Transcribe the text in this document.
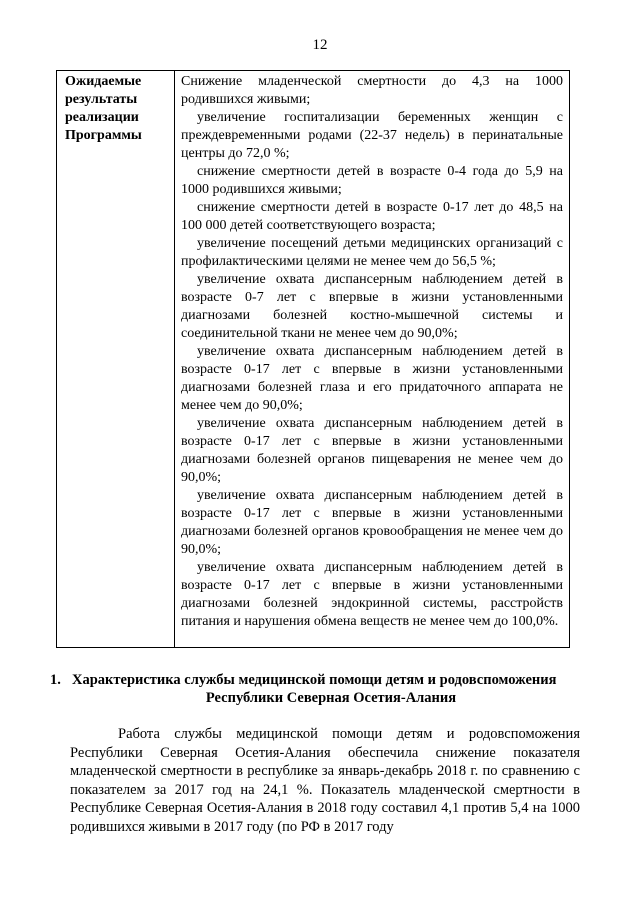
12
Ожидаемые
результаты
реализации
Программы

Снижение младенческой смертности до 4,3 на 1000 родившихся живыми;

увеличение госпитализации беременных женщин с преждевременными родами (22-37 недель) в перинатальные центры до 72,0 %;

снижение смертности детей в возрасте 0-4 года до 5,9 на 1000 родившихся живыми;

снижение смертности детей в возрасте 0-17 лет до 48,5 на 100 000 детей соответствующего возраста;

увеличение посещений детьми медицинских организаций с профилактическими целями не менее чем до 56,5 %;

увеличение охвата диспансерным наблюдением детей в возрасте 0-7 лет с впервые в жизни установленными диагнозами болезней костно-мышечной системы и соединительной ткани не менее чем до 90,0%;

увеличение охвата диспансерным наблюдением детей в возрасте 0-17 лет с впервые в жизни установленными диагнозами болезней глаза и его придаточного аппарата не менее чем до 90,0%;

увеличение охвата диспансерным наблюдением детей в возрасте 0-17 лет с впервые в жизни установленными диагнозами болезней органов пищеварения не менее чем до 90,0%;

увеличение охвата диспансерным наблюдением детей в возрасте 0-17 лет с впервые в жизни установленными диагнозами болезней органов кровообращения не менее чем до 90,0%;

увеличение охвата диспансерным наблюдением детей в возрасте 0-17 лет с впервые в жизни установленными диагнозами болезней эндокринной системы, расстройств питания и нарушения обмена веществ не менее чем до 100,0%.

1. Характеристика службы медицинской помощи детям и родовспоможения
Республики Северная Осетия-Алания

Работа службы медицинской помощи детям и родовспоможения Республики Северная Осетия-Алания обеспечила снижение показателя младенческой смертности в республике за январь-декабрь 2018 г. по сравнению с показателем за 2017 год на 24,1 %. Показатель младенческой смертности в Республике Северная Осетия-Алания в 2018 году составил 4,1 против 5,4 на 1000 родившихся живыми в 2017 году (по РФ в 2017 году
